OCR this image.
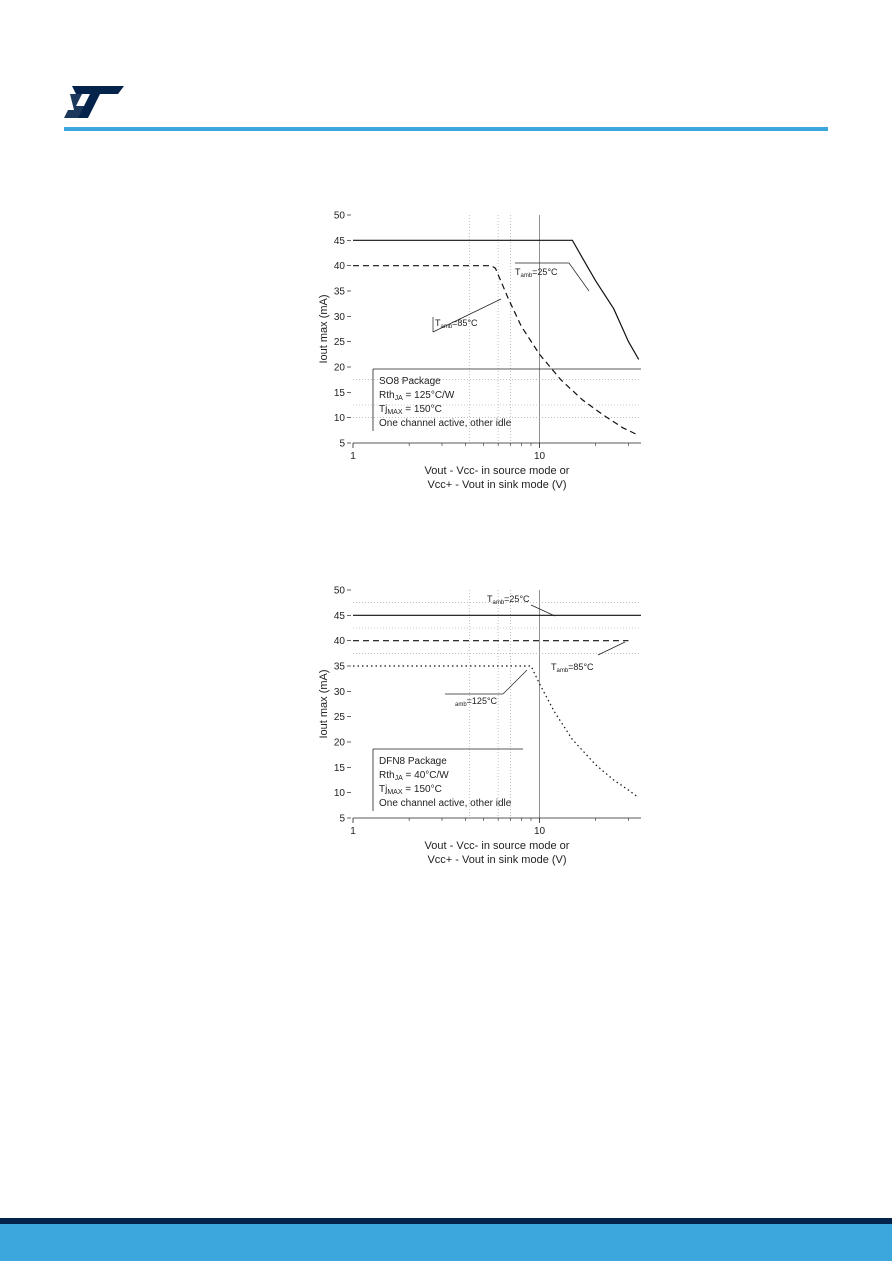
5
10
15
20
25
30
35
40
45
50
1	10
Vout - Vcc- in source mode or
Vcc+ - Vout in sink mode (V)
Iout max (mA)
SO8 Package
Rth$_{JA}$ = 125°C/W
$Tj_{MAX} = 150^\circ C$
One channel active, other idle
$T_{amb}=25^\circ C$
$T_{amb}=85^\circ C$
5
10
15
20
25
30
35
40
45
50
1	10
Vout - Vcc- in source mode or
Vcc+ - Vout in sink mode (V)
Iout max (mA)
DFN8 Package
Rth$_{JA}$ = 40°C/W
$Tj_{MAX} = 150^\circ C$
One channel active, other idle
$T_{amb}=25^\circ C$
$T_{amb}=85^\circ C$
$_{amb}$=125°C
